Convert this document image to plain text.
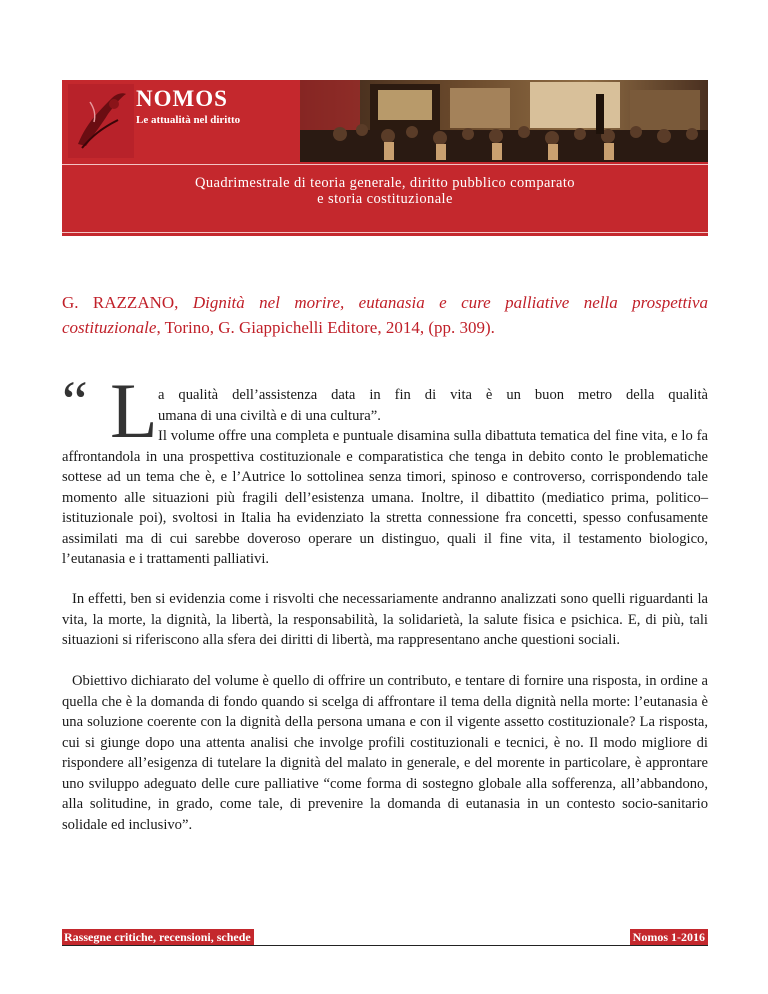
NOMOS
Le attualità nel diritto
Quadrimestrale di teoria generale, diritto pubblico comparato
e storia costituzionale
G. RAZZANO, Dignità nel morire, eutanasia e cure palliative nella prospettiva costituzionale, Torino, G. Giappichelli Editore, 2014, (pp. 309).
“ L a qualità dell’assistenza data in fin di vita è un buon metro della qualità
umana di una civiltà e di una cultura”.

Il volume offre una completa e puntuale disamina sulla dibattuta tematica del fine vita, e lo fa affrontandola in una prospettiva costituzionale e comparatistica che tenga in debito conto le problematiche sottese ad un tema che è, e l’Autrice lo sottolinea senza timori, spinoso e controverso, corrispondendo tale momento alle situazioni più fragili dell’esistenza umana. Inoltre, il dibattito (mediatico prima, politico–istituzionale poi), svoltosi in Italia ha evidenziato la stretta connessione fra concetti, spesso confusamente assimilati ma di cui sarebbe doveroso operare un distinguo, quali il fine vita, il testamento biologico, l’eutanasia e i trattamenti palliativi.

In effetti, ben si evidenzia come i risvolti che necessariamente andranno analizzati sono quelli riguardanti la vita, la morte, la dignità, la libertà, la responsabilità, la solidarietà, la salute fisica e psichica. E, di più, tali situazioni si riferiscono alla sfera dei diritti di libertà, ma rappresentano anche questioni sociali.

Obiettivo dichiarato del volume è quello di offrire un contributo, e tentare di fornire una risposta, in ordine a quella che è la domanda di fondo quando si scelga di affrontare il tema della dignità nella morte: l’eutanasia è una soluzione coerente con la dignità della persona umana e con il vigente assetto costituzionale? La risposta, cui si giunge dopo una attenta analisi che involge profili costituzionali e tecnici, è no. Il modo migliore di rispondere all’esigenza di tutelare la dignità del malato in generale, e del morente in particolare, è approntare uno sviluppo adeguato delle cure palliative “come forma di sostegno globale alla sofferenza, all’abbandono, alla solitudine, in grado, come tale, di prevenire la domanda di eutanasia in un contesto socio-sanitario solidale ed inclusivo”.

Rassegne critiche, recensioni, schede	Nomos 1-2016
